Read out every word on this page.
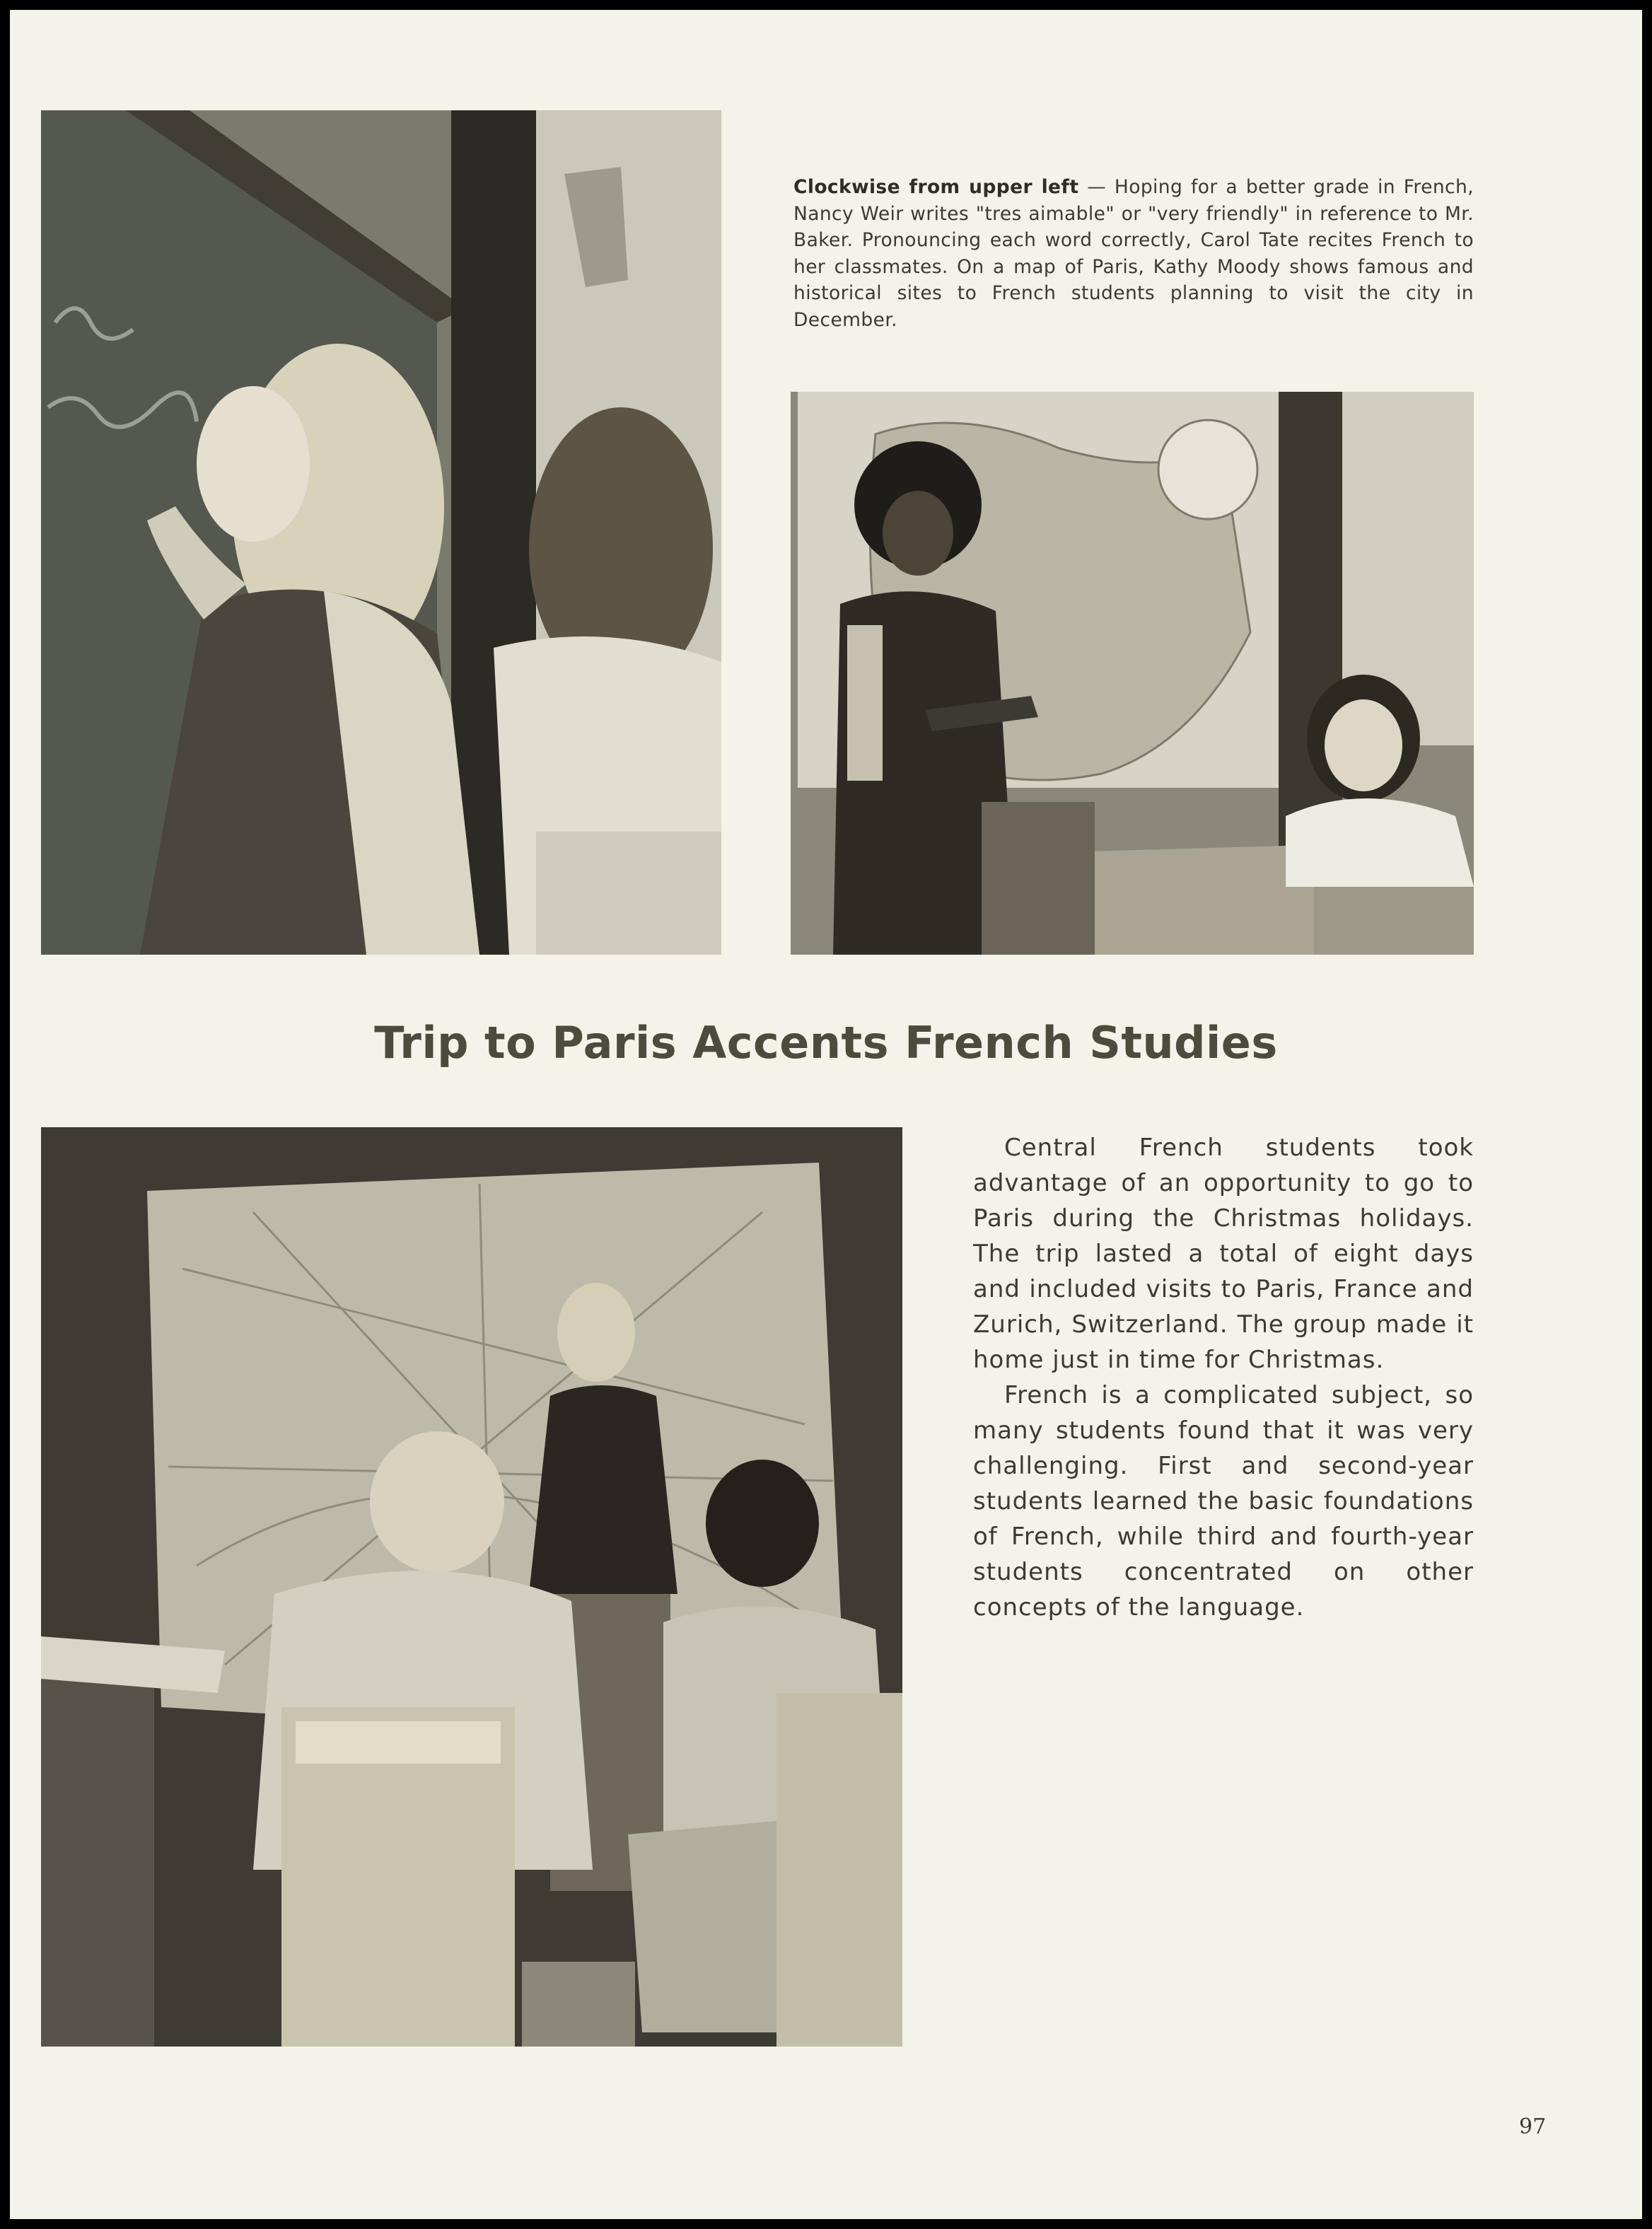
Clockwise from upper left — Hoping for a better grade in French, Nancy Weir writes "tres aimable" or "very friendly" in reference to Mr. Baker. Pronouncing each word correctly, Carol Tate recites French to her classmates. On a map of Paris, Kathy Moody shows famous and historical sites to French students planning to visit the city in December.
Trip to Paris Accents French Studies

Central French students took advantage of an opportunity to go to Paris during the Christmas holidays. The trip lasted a total of eight days and included visits to Paris, France and Zurich, Switzerland. The group made it home just in time for Christmas.

French is a complicated subject, so many students found that it was very challenging. First and second-year students learned the basic foundations of French, while third and fourth-year students concentrated on other concepts of the language.

97
